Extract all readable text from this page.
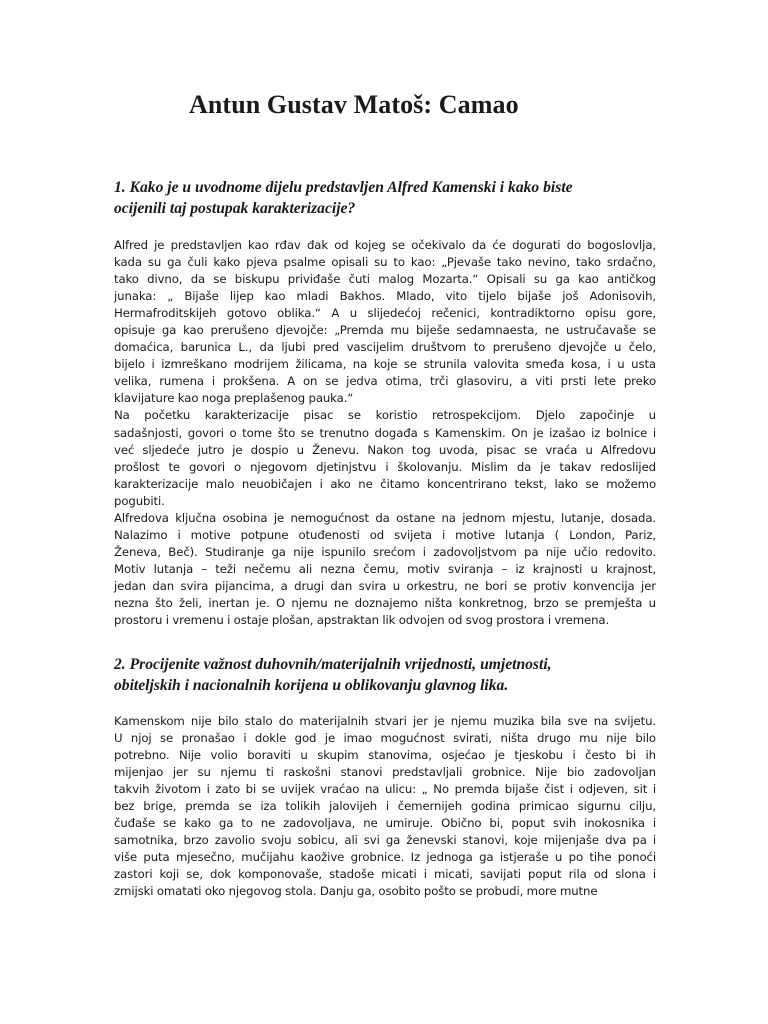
Antun Gustav Matoš: Camao
1. Kako je u uvodnome dijelu predstavljen Alfred Kamenski i kako biste
ocijenili taj postupak karakterizacije?
Alfred je predstavljen kao rđav đak od kojeg se očekivalo da će dogurati do bogoslovlja,
kada su ga čuli kako pjeva psalme opisali su to kao: „Pjevaše tako nevino, tako srdačno,
tako divno, da se biskupu priviđaše čuti malog Mozarta.“ Opisali su ga kao antičkog
junaka: „ Bijaše lijep kao mladi Bakhos. Mlado, vito tijelo bijaše još Adonisovih,
Hermafroditskijeh gotovo oblika.“ A u slijedećoj rečenici, kontradiktorno opisu gore,
opisuje ga kao prerušeno djevojče: „Premda mu biješe sedamnaesta, ne ustručavaše se
domaćica, barunica L., da ljubi pred vascijelim društvom to prerušeno djevojče u čelo,
bijelo i izmreškano modrijem žilicama, na koje se strunila valovita smeđa kosa, i u usta
velika, rumena i prokšena. A on se jedva otima, trči glasoviru, a viti prsti lete preko
klavijature kao noga preplašenog pauka.“
Na početku karakterizacije pisac se koristio retrospekcijom. Djelo započinje u
sadašnjosti, govori o tome što se trenutno događa s Kamenskim. On je izašao iz bolnice i
već sljedeće jutro je dospio u Ženevu. Nakon tog uvoda, pisac se vraća u Alfredovu
prošlost te govori o njegovom djetinjstvu i školovanju. Mislim da je takav redoslijed
karakterizacije malo neuobičajen i ako ne čitamo koncentrirano tekst, lako se možemo
pogubiti.
Alfredova ključna osobina je nemogućnost da ostane na jednom mjestu, lutanje, dosada.
Nalazimo i motive potpune otuđenosti od svijeta i motive lutanja ( London, Pariz,
Ženeva, Beč). Studiranje ga nije ispunilo srećom i zadovoljstvom pa nije učio redovito.
Motiv lutanja – teži nečemu ali nezna čemu, motiv sviranja – iz krajnosti u krajnost,
jedan dan svira pijancima, a drugi dan svira u orkestru, ne bori se protiv konvencija jer
nezna što želi, inertan je. O njemu ne doznajemo ništa konkretnog, brzo se premješta u
prostoru i vremenu i ostaje plošan, apstraktan lik odvojen od svog prostora i vremena.
2. Procijenite važnost duhovnih/materijalnih vrijednosti, umjetnosti,
obiteljskih i nacionalnih korijena u oblikovanju glavnog lika.
Kamenskom nije bilo stalo do materijalnih stvari jer je njemu muzika bila sve na svijetu.
U njoj se pronašao i dokle god je imao mogućnost svirati, ništa drugo mu nije bilo
potrebno. Nije volio boraviti u skupim stanovima, osjećao je tjeskobu i često bi ih
mijenjao jer su njemu ti raskošni stanovi predstavljali grobnice. Nije bio zadovoljan
takvih životom i zato bi se uvijek vraćao na ulicu: „ No premda bijaše čist i odjeven, sit i
bez brige, premda se iza tolikih jalovijeh i čemernijeh godina primicao sigurnu cilju,
čuđaše se kako ga to ne zadovoljava, ne umiruje. Obično bi, poput svih inokosnika i
samotnika, brzo zavolio svoju sobicu, ali svi ga ženevski stanovi, koje mijenjaše dva pa i
više puta mjesečno, mučijahu kaožive grobnice. Iz jednoga ga istjeraše u po tihe ponoći
zastori koji se, dok komponovaše, stadoše micati i micati, savijati poput rila od slona i
zmijski omatati oko njegovog stola. Danju ga, osobito pošto se probudi, more mutne
